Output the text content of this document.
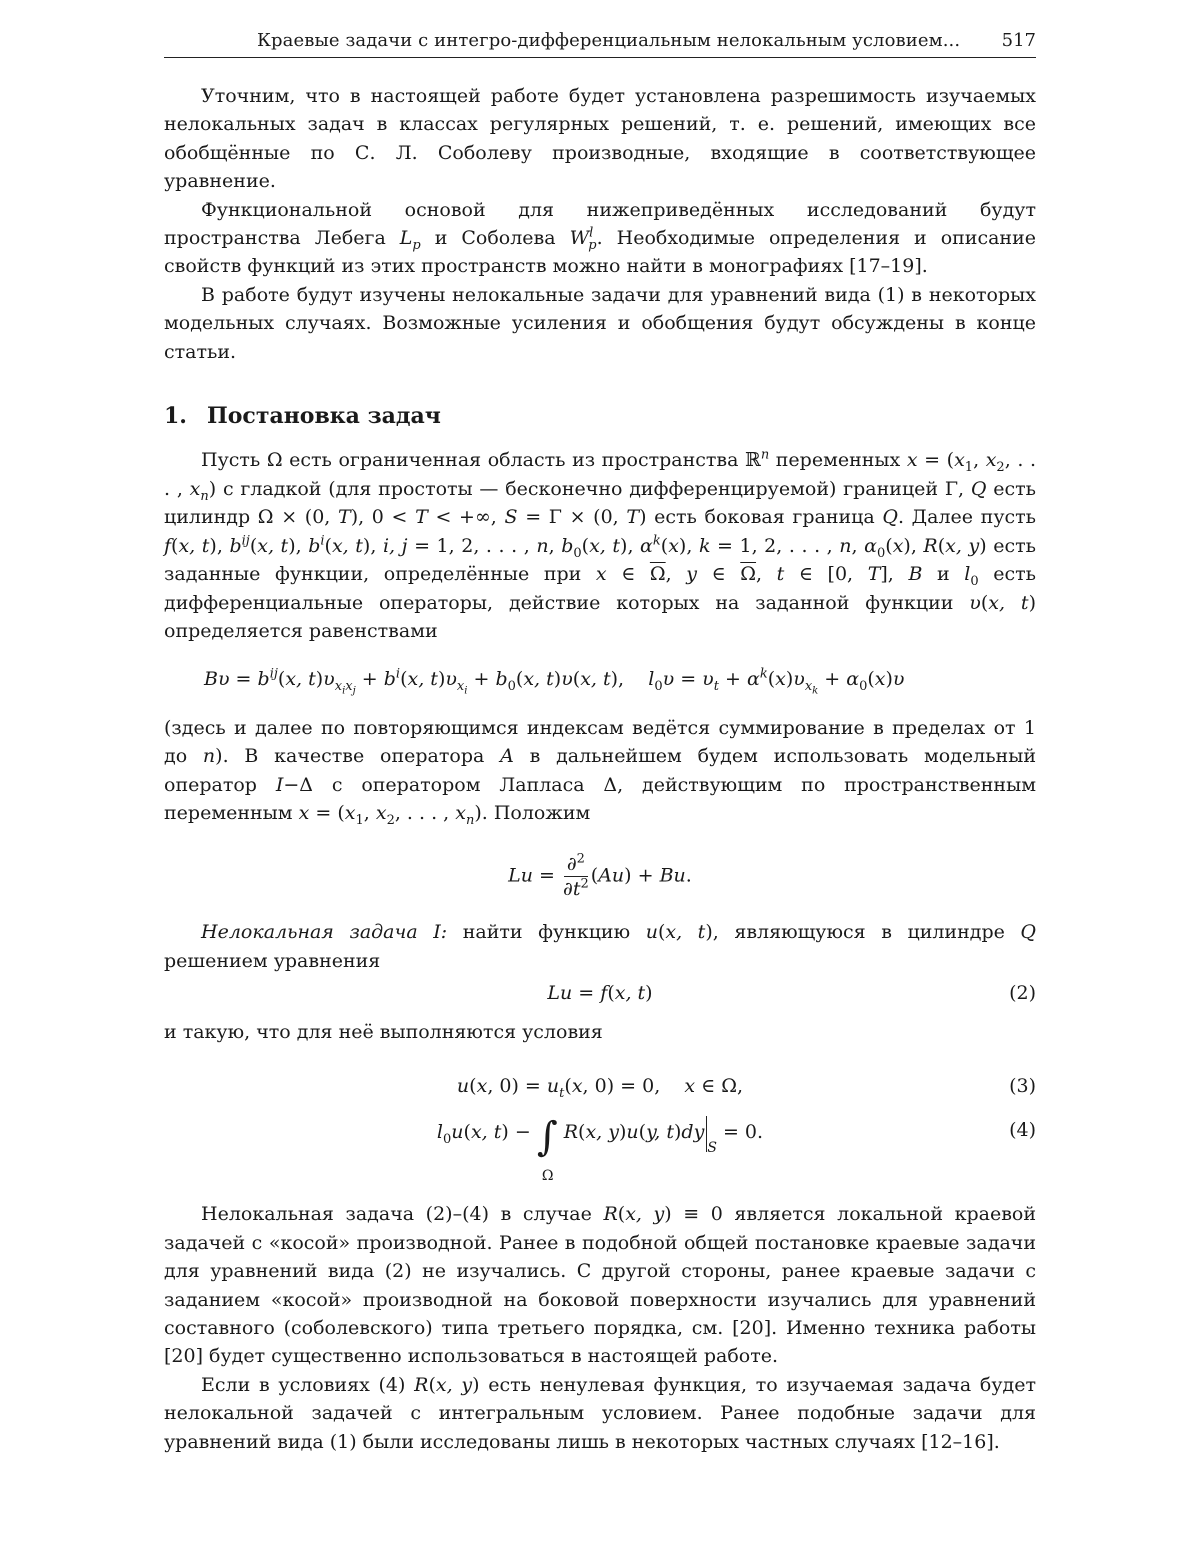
Краевые задачи с интегро-дифференциальным нелокальным условием... 517

Уточним, что в настоящей работе будет установлена разрешимость изучаемых нелокальных задач в классах регулярных решений, т. е. решений, имеющих все обобщённые по С. Л. Соболеву производные, входящие в соответствующее уравнение.

Функциональной основой для нижеприведённых исследований будут пространства Лебега $L_p$ и Соболева $W^l_p$. Необходимые определения и описание свойств функций из этих пространств можно найти в монографиях [17–19].

В работе будут изучены нелокальные задачи для уравнений вида (1) в некоторых модельных случаях. Возможные усиления и обобщения будут обсуждены в конце статьи.

1. Постановка задач

Пусть Ω есть ограниченная область из пространства ℝ$^n$ переменных $x = (x_1$, $x_2$, . . . , $x_n$) с гладкой (для простоты — бесконечно дифференцируемой) границей Γ, Q есть цилиндр Ω × (0, T), 0 < T < +∞, S = Γ × (0, T) есть боковая граница Q. Далее пусть f(x, t), $b^{ij}(x$, t), $b^i(x$, t), i, j = 1, 2, . . . , n, $b_0(x$, t), $\alpha^k(x)$, k = 1, 2, . . . , n, $\alpha_0(x)$, R(x, y) есть заданные функции, определённые при x ∈ $\overline{\Omega}$, y ∈ $\overline{\Omega}$, t ∈ [0, T], B и $l_0$ есть дифференциальные операторы, действие которых на заданной функции υ(x, t) определяется равенствами

$B\upsilon = b^{ij}(x$, $t)\upsilon_{x_ix_j} + b^i(x$, $t)\upsilon_{x_i} + b_0(x$, t)υ(x, t),    $l_0\upsilon = \upsilon_t + \alpha^k(x)\upsilon_{x_k} + \alpha_0(x)\upsilon$

(здесь и далее по повторяющимся индексам ведётся суммирование в пределах от 1 до n). В качестве оператора A в дальнейшем будем использовать модельный оператор I−Δ с оператором Лапласа Δ, действующим по пространственным переменным $x = (x_1$, $x_2$, . . . , $x_n$). Положим

$Lu = \frac{\partial^2}{\partial t^2} (Au) + Bu$.

Нелокальная задача I: найти функцию u(x, t), являющуюся в цилиндре Q решением уравнения

Lu = f(x, t)	(2)

и такую, что для неё выполняются условия

u(x, $0) = u_t(x$, 0) = 0,    x ∈ Ω,	(3)
$l_0u(x$, t) − ∫
Ω
R(x, y)u(y, $t)dy_S = 0$.	(4)

Нелокальная задача (2)–(4) в случае R(x, y) ≡ 0 является локальной краевой задачей с «косой» производной. Ранее в подобной общей постановке краевые задачи для уравнений вида (2) не изучались. С другой стороны, ранее краевые задачи с заданием «косой» производной на боковой поверхности изучались для уравнений составного (соболевского) типа третьего порядка, см. [20]. Именно техника работы [20] будет существенно использоваться в настоящей работе.

Если в условиях (4) R(x, y) есть ненулевая функция, то изучаемая задача будет нелокальной задачей с интегральным условием. Ранее подобные задачи для уравнений вида (1) были исследованы лишь в некоторых частных случаях [12–16].
